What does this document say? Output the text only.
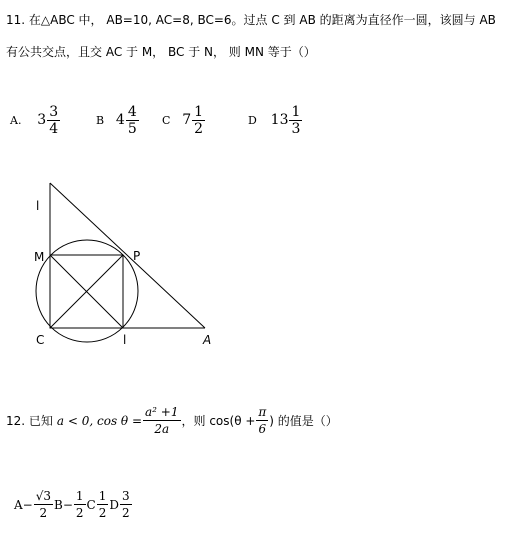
11. 在△ABC 中， AB=10, AC=8, BC=6。过点 C 到 AB 的距离为直径作一圆，该圆与 AB
有公共交点，且交 AC 于 M， BC 于 N， 则 MN 等于（）
A. $3 \frac{3}{4}$	B $4 \frac{4}{5}$ C $7 \frac{1}{2}$	D $13 \frac{1}{3}$
l
M	P
C	l	A
12. 已知 a < 0, $\cos \theta = \frac{\text{a² +1}}{2a}$ ，则 $\cos(\theta + \frac{\pi}{6}$ ) 的值是（）
$A - \frac{√3}{2}$ $B - \frac{1}{2}$ C $\frac{1}{2}$ D $\frac{3}{2}$
